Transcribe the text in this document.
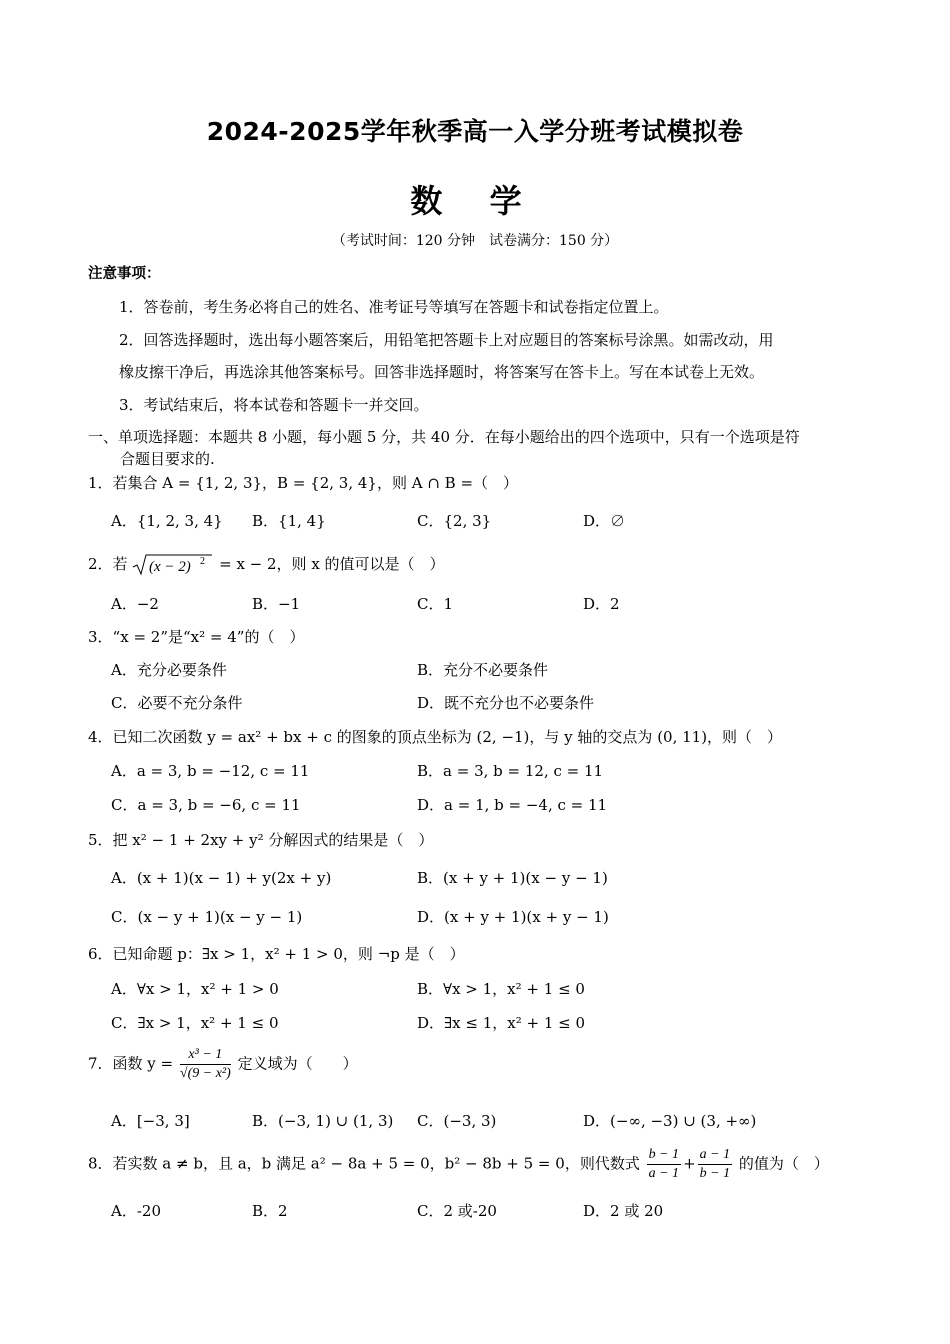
2024-2025学年秋季高一入学分班考试模拟卷
数 学
（考试时间：120 分钟　试卷满分：150 分）
注意事项：
1．答卷前，考生务必将自己的姓名、准考证号等填写在答题卡和试卷指定位置上。
2．回答选择题时，选出每小题答案后，用铅笔把答题卡上对应题目的答案标号涂黑。如需改动，用
橡皮擦干净后，再选涂其他答案标号。回答非选择题时，将答案写在答卡上。写在本试卷上无效。
3．考试结束后，将本试卷和答题卡一并交回。
一、单项选择题：本题共 8 小题，每小题 5 分，共 40 分．在每小题给出的四个选项中，只有一个选项是符
合题目要求的.
1．若集合 A = {1, 2, 3}，B = {2, 3, 4}，则 A ∩ B =（　）
A．{1, 2, 3, 4} B．{1, 4}	C．{2, 3}	D．∅
2．若 (x − 2) 2 = x − 2，则 x 的值可以是（　）
A．−2	B．−1	C．1	D．2
3．“x = 2”是“x² = 4”的（　）
A．充分必要条件	B．充分不必要条件
C．必要不充分条件	D．既不充分也不必要条件
4．已知二次函数 y = ax² + bx + c 的图象的顶点坐标为 (2, −1)，与 y 轴的交点为 (0, 11)，则（　）
A．a = 3, b = −12, c = 11	B．a = 3, b = 12, c = 11
C．a = 3, b = −6, c = 11	D．a = 1, b = −4, c = 11
5．把 x² − 1 + 2xy + y² 分解因式的结果是（　）
A．(x + 1)(x − 1) + y(2x + y)	B．(x + y + 1)(x − y − 1)
C．(x − y + 1)(x − y − 1)	D．(x + y + 1)(x + y − 1)
6．已知命题 p：∃x > 1，x² + 1 > 0，则 ¬p 是（　）
A．∀x > 1，x² + 1 > 0	B．∀x > 1，x² + 1 ≤ 0
C．∃x > 1，x² + 1 ≤ 0	D．∃x ≤ 1，x² + 1 ≤ 0
7．函数 $y = \frac{\text{x³ − 1}}{\text{√(9 − x²)}}$ 定义域为（　　）
A．[−3, 3]	B．(−3, 1) ∪ (1, 3) C．(−3, 3)	D．(−∞, −3) ∪ (3, +∞)
8．若实数 a ≠ b，且 a，b 满足 a² − 8a + 5 = 0，b² − 8b + 5 = 0，则代数式 $\frac{b - 1}{a - 1} + \frac{a - 1}{b - 1}$ 的值为（　）
A．-20	B．2	C．2 或-20	D．2 或 20
